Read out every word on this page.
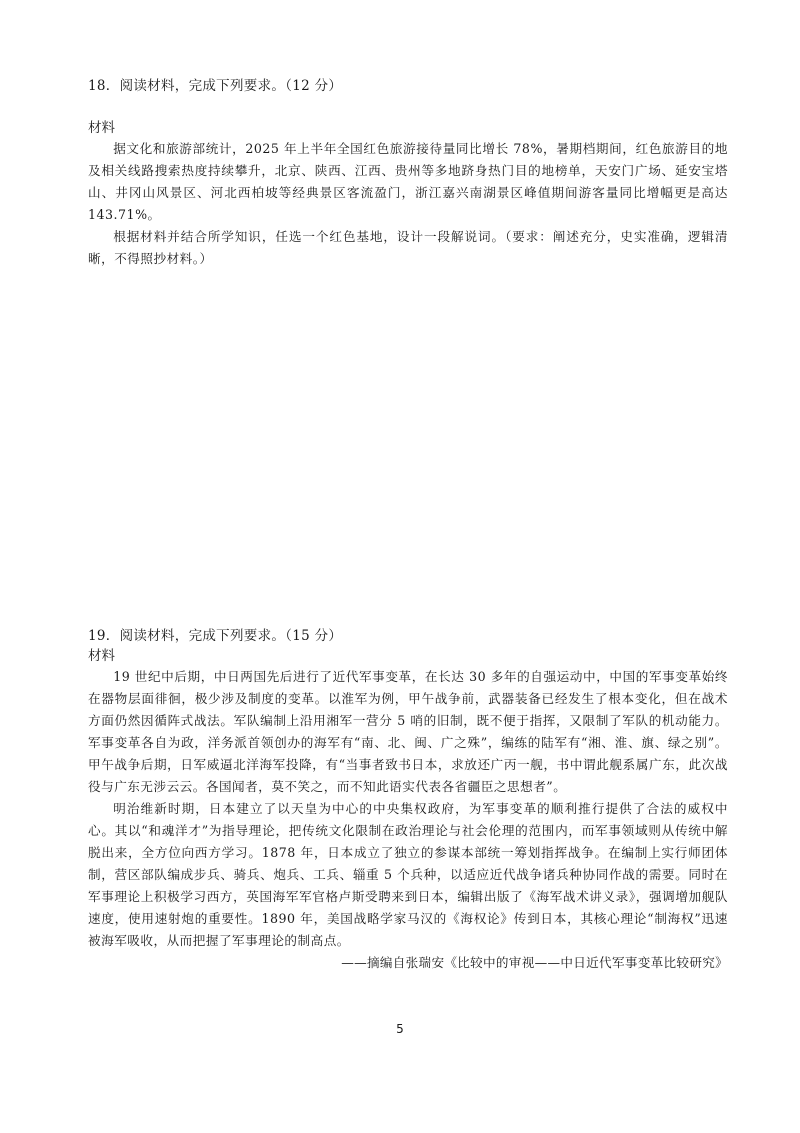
18．阅读材料，完成下列要求。（12 分）
材料

据文化和旅游部统计，2025 年上半年全国红色旅游接待量同比增长 78%，暑期档期间，红色旅游目的地及相关线路搜索热度持续攀升，北京、陕西、江西、贵州等多地跻身热门目的地榜单，天安门广场、延安宝塔山、井冈山风景区、河北西柏坡等经典景区客流盈门，浙江嘉兴南湖景区峰值期间游客量同比增幅更是高达 143.71%。

根据材料并结合所学知识，任选一个红色基地，设计一段解说词。（要求：阐述充分，史实准确，逻辑清晰，不得照抄材料。）

19．阅读材料，完成下列要求。（15 分）
材料

19 世纪中后期，中日两国先后进行了近代军事变革，在长达 30 多年的自强运动中，中国的军事变革始终在器物层面徘徊，极少涉及制度的变革。以淮军为例，甲午战争前，武器装备已经发生了根本变化，但在战术方面仍然因循阵式战法。军队编制上沿用湘军一营分 5 哨的旧制，既不便于指挥，又限制了军队的机动能力。军事变革各自为政，洋务派首领创办的海军有“南、北、闽、广之殊”，编练的陆军有“湘、淮、旗、绿之别”。甲午战争后期，日军威逼北洋海军投降，有“当事者致书日本，求放还广丙一舰，书中谓此舰系属广东，此次战役与广东无涉云云。各国闻者，莫不笑之，而不知此语实代表各省疆臣之思想者”。

明治维新时期，日本建立了以天皇为中心的中央集权政府，为军事变革的顺利推行提供了合法的威权中心。其以“和魂洋才”为指导理论，把传统文化限制在政治理论与社会伦理的范围内，而军事领域则从传统中解脱出来，全方位向西方学习。1878 年，日本成立了独立的参谋本部统一筹划指挥战争。在编制上实行师团体制，营区部队编成步兵、骑兵、炮兵、工兵、辎重 5 个兵种，以适应近代战争诸兵种协同作战的需要。同时在军事理论上积极学习西方，英国海军军官格卢斯受聘来到日本，编辑出版了《海军战术讲义录》，强调增加舰队速度，使用速射炮的重要性。1890 年，美国战略学家马汉的《海权论》传到日本，其核心理论“制海权”迅速被海军吸收，从而把握了军事理论的制高点。

——摘编自张瑞安《比较中的审视——中日近代军事变革比较研究》

5
